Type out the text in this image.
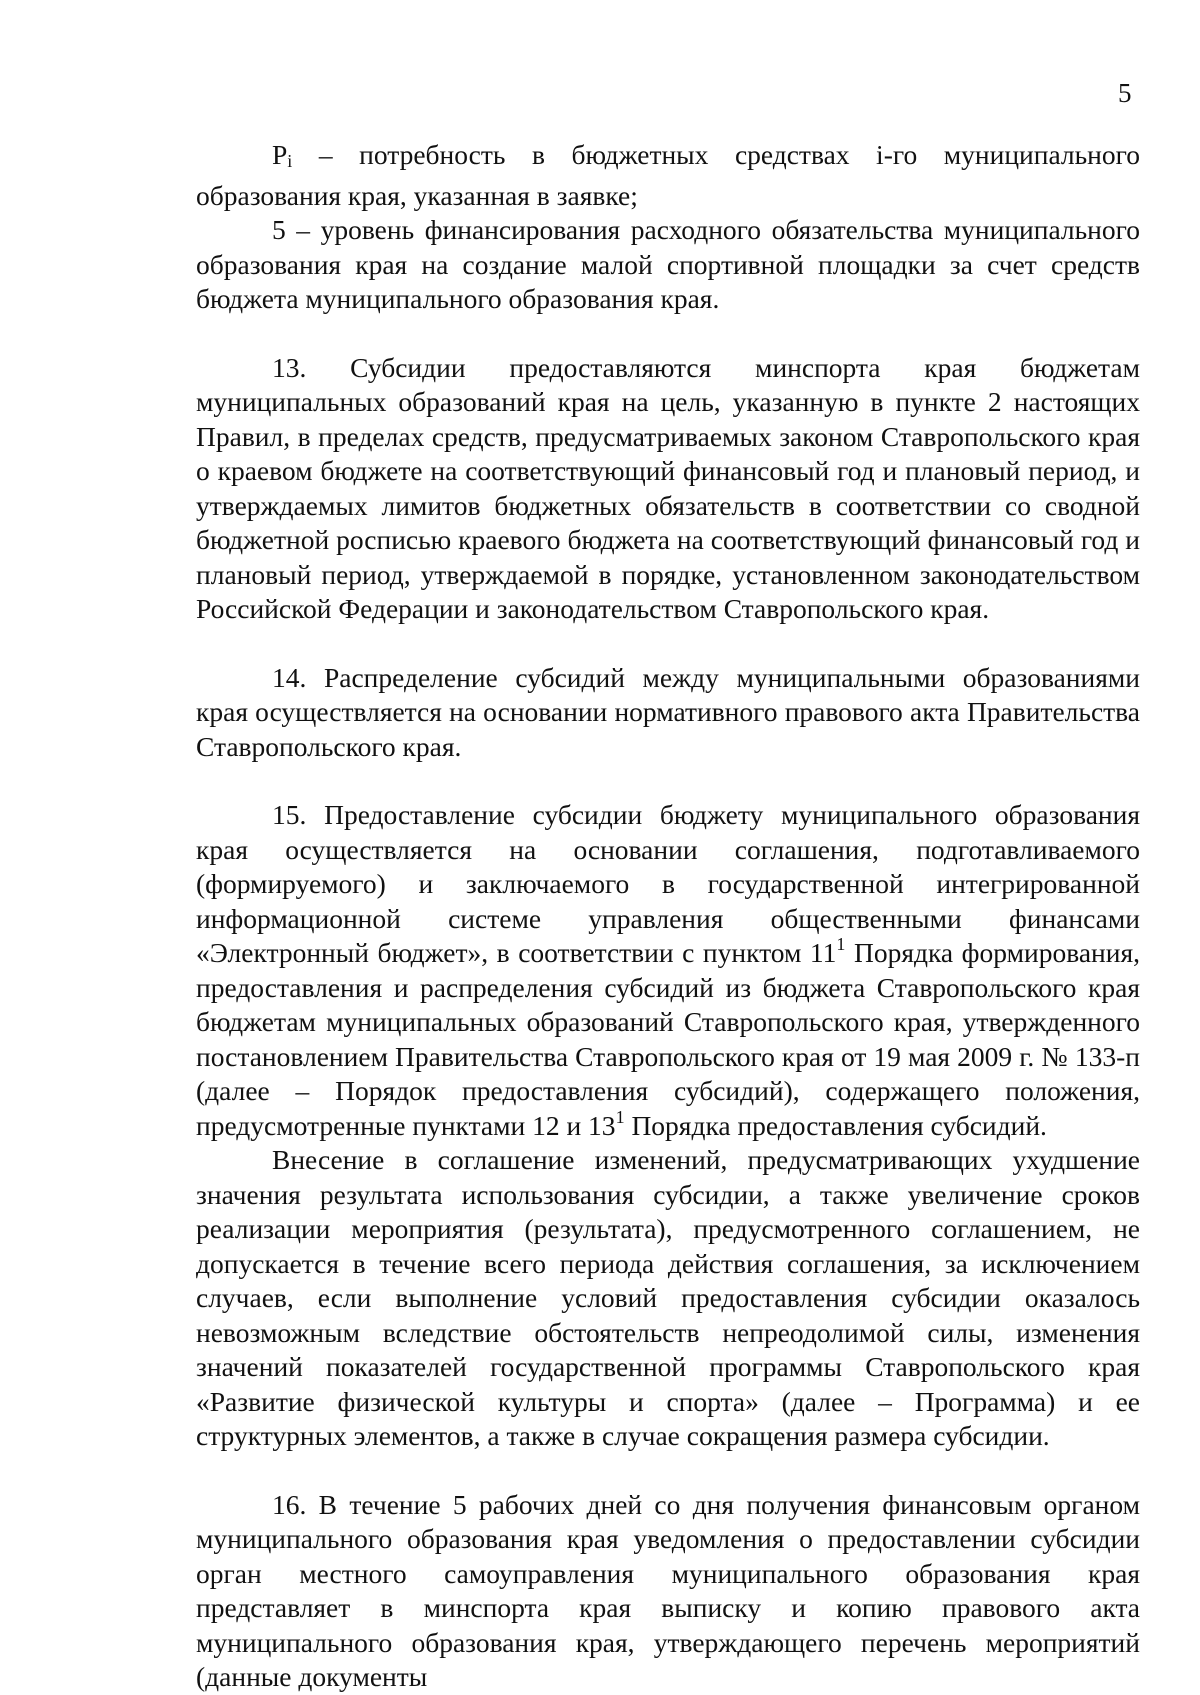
5

Pi – потребность в бюджетных средствах i-го муниципального образования края, указанная в заявке;

5 – уровень финансирования расходного обязательства муниципального образования края на создание малой спортивной площадки за счет средств бюджета муниципального образования края.

13. Субсидии предоставляются минспорта края бюджетам муниципальных образований края на цель, указанную в пункте 2 настоящих Правил, в пределах средств, предусматриваемых законом Ставропольского края о краевом бюджете на соответствующий финансовый год и плановый период, и утверждаемых лимитов бюджетных обязательств в соответствии со сводной бюджетной росписью краевого бюджета на соответствующий финансовый год и плановый период, утверждаемой в порядке, установленном законодательством Российской Федерации и законодательством Ставропольского края.

14. Распределение субсидий между муниципальными образованиями края осуществляется на основании нормативного правового акта Правительства Ставропольского края.

15. Предоставление субсидии бюджету муниципального образования края осуществляется на основании соглашения, подготавливаемого (формируемого) и заключаемого в государственной интегрированной информационной системе управления общественными финансами «Электронный бюджет», в соответствии с пунктом $11^1$ Порядка формирования, предоставления и распределения субсидий из бюджета Ставропольского края бюджетам муниципальных образований Ставропольского края, утвержденного постановлением Правительства Ставропольского края от 19 мая 2009 г. № 133-п (далее – Порядок предоставления субсидий), содержащего положения, предусмотренные пунктами 12 и $13^1$ Порядка предоставления субсидий.

Внесение в соглашение изменений, предусматривающих ухудшение значения результата использования субсидии, а также увеличение сроков реализации мероприятия (результата), предусмотренного соглашением, не допускается в течение всего периода действия соглашения, за исключением случаев, если выполнение условий предоставления субсидии оказалось невозможным вследствие обстоятельств непреодолимой силы, изменения значений показателей государственной программы Ставропольского края «Развитие физической культуры и спорта» (далее – Программа) и ее структурных элементов, а также в случае сокращения размера субсидии.

16. В течение 5 рабочих дней со дня получения финансовым органом муниципального образования края уведомления о предоставлении субсидии орган местного самоуправления муниципального образования края представляет в минспорта края выписку и копию правового акта муниципального образования края, утверждающего перечень мероприятий (данные документы
